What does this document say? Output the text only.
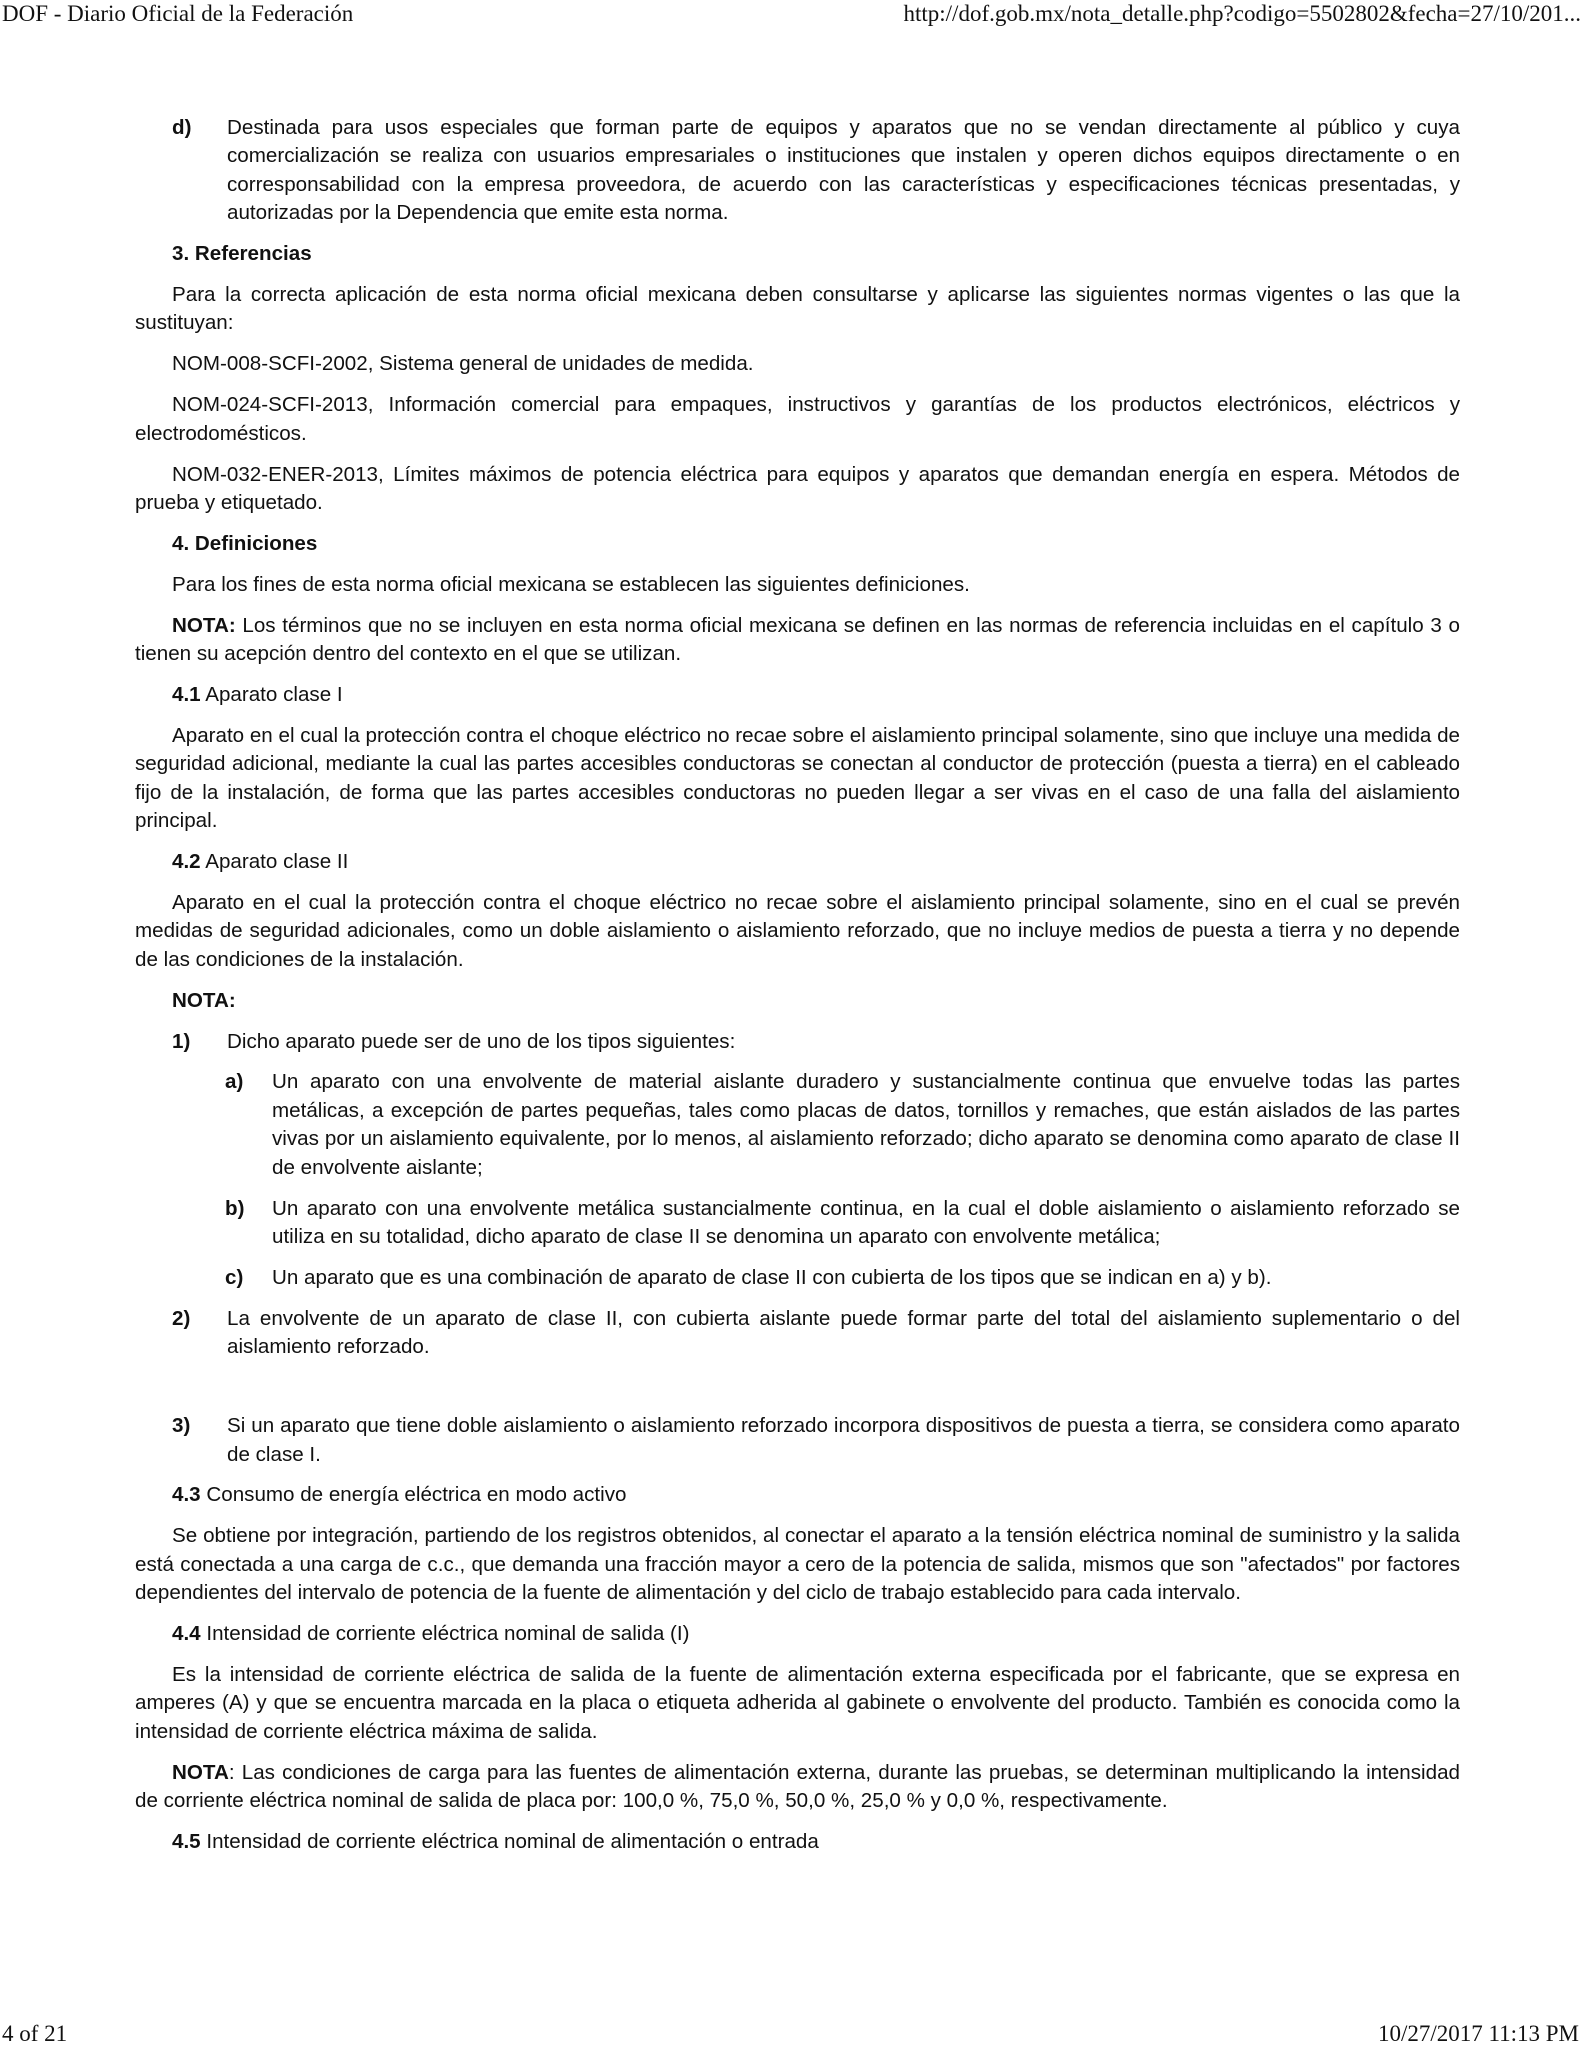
DOF - Diario Oficial de la Federación	http://dof.gob.mx/nota_detalle.php?codigo=5502802&fecha=27/10/201...
d) Destinada para usos especiales que forman parte de equipos y aparatos que no se vendan directamente al público y cuya comercialización se realiza con usuarios empresariales o instituciones que instalen y operen dichos equipos directamente o en corresponsabilidad con la empresa proveedora, de acuerdo con las características y especificaciones técnicas presentadas, y autorizadas por la Dependencia que emite esta norma.

3. Referencias

Para la correcta aplicación de esta norma oficial mexicana deben consultarse y aplicarse las siguientes normas vigentes o las que la sustituyan:

NOM-008-SCFI-2002, Sistema general de unidades de medida.

NOM-024-SCFI-2013, Información comercial para empaques, instructivos y garantías de los productos electrónicos, eléctricos y electrodomésticos.

NOM-032-ENER-2013, Límites máximos de potencia eléctrica para equipos y aparatos que demandan energía en espera. Métodos de prueba y etiquetado.

4. Definiciones

Para los fines de esta norma oficial mexicana se establecen las siguientes definiciones.

NOTA: Los términos que no se incluyen en esta norma oficial mexicana se definen en las normas de referencia incluidas en el capítulo 3 o tienen su acepción dentro del contexto en el que se utilizan.

4.1 Aparato clase I

Aparato en el cual la protección contra el choque eléctrico no recae sobre el aislamiento principal solamente, sino que incluye una medida de seguridad adicional, mediante la cual las partes accesibles conductoras se conectan al conductor de protección (puesta a tierra) en el cableado fijo de la instalación, de forma que las partes accesibles conductoras no pueden llegar a ser vivas en el caso de una falla del aislamiento principal.

4.2 Aparato clase II

Aparato en el cual la protección contra el choque eléctrico no recae sobre el aislamiento principal solamente, sino en el cual se prevén medidas de seguridad adicionales, como un doble aislamiento o aislamiento reforzado, que no incluye medios de puesta a tierra y no depende de las condiciones de la instalación.

NOTA:

1) Dicho aparato puede ser de uno de los tipos siguientes:
a) Un aparato con una envolvente de material aislante duradero y sustancialmente continua que envuelve todas las partes metálicas, a excepción de partes pequeñas, tales como placas de datos, tornillos y remaches, que están aislados de las partes vivas por un aislamiento equivalente, por lo menos, al aislamiento reforzado; dicho aparato se denomina como aparato de clase II de envolvente aislante;
b) Un aparato con una envolvente metálica sustancialmente continua, en la cual el doble aislamiento o aislamiento reforzado se utiliza en su totalidad, dicho aparato de clase II se denomina un aparato con envolvente metálica;
c) Un aparato que es una combinación de aparato de clase II con cubierta de los tipos que se indican en a) y b).
2) La envolvente de un aparato de clase II, con cubierta aislante puede formar parte del total del aislamiento suplementario o del aislamiento reforzado.
3) Si un aparato que tiene doble aislamiento o aislamiento reforzado incorpora dispositivos de puesta a tierra, se considera como aparato de clase I.

4.3 Consumo de energía eléctrica en modo activo

Se obtiene por integración, partiendo de los registros obtenidos, al conectar el aparato a la tensión eléctrica nominal de suministro y la salida está conectada a una carga de c.c., que demanda una fracción mayor a cero de la potencia de salida, mismos que son "afectados" por factores dependientes del intervalo de potencia de la fuente de alimentación y del ciclo de trabajo establecido para cada intervalo.

4.4 Intensidad de corriente eléctrica nominal de salida (I)

Es la intensidad de corriente eléctrica de salida de la fuente de alimentación externa especificada por el fabricante, que se expresa en amperes (A) y que se encuentra marcada en la placa o etiqueta adherida al gabinete o envolvente del producto. También es conocida como la intensidad de corriente eléctrica máxima de salida.

NOTA: Las condiciones de carga para las fuentes de alimentación externa, durante las pruebas, se determinan multiplicando la intensidad de corriente eléctrica nominal de salida de placa por: 100,0 %, 75,0 %, 50,0 %, 25,0 % y 0,0 %, respectivamente.

4.5 Intensidad de corriente eléctrica nominal de alimentación o entrada

4 of 21	10/27/2017 11:13 PM
